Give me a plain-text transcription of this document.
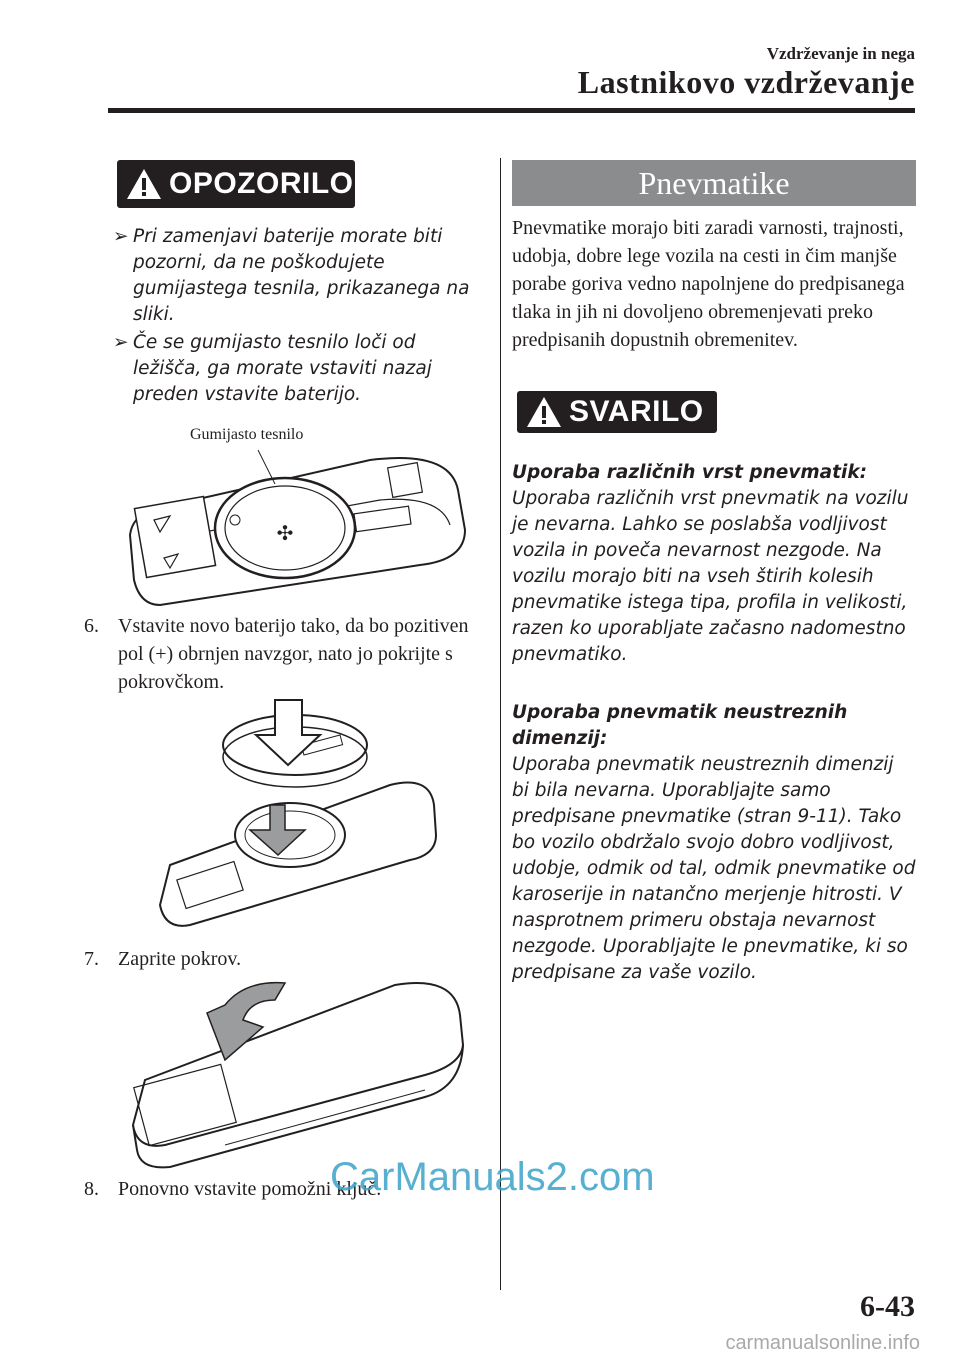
Vzdrževanje in nega
Lastnikovo vzdrževanje
OPOZORILO
➢ Pri zamenjavi baterije morate biti pozorni, da ne poškodujete gumijastega tesnila, prikazanega na sliki.
➢ Če se gumijasto tesnilo loči od ležišča, ga morate vstaviti nazaj preden vstavite baterijo.
Gumijasto tesnilo
✣
6. Vstavite novo baterijo tako, da bo pozitiven pol (+) obrnjen navzgor, nato jo pokrijte s pokrovčkom.
7. Zaprite pokrov.
8. Ponovno vstavite pomožni ključ.
Pnevmatike
Pnevmatike morajo biti zaradi varnosti, trajnosti, udobja, dobre lege vozila na cesti in čim manjše porabe goriva vedno napolnjene do predpisanega tlaka in jih ni dovoljeno obremenjevati preko predpisanih dopustnih obremenitev.
SVARILO
Uporaba različnih vrst pnevmatik:
Uporaba različnih vrst pnevmatik na vozilu je nevarna. Lahko se poslabša vodljivost vozila in poveča nevarnost nezgode. Na vozilu morajo biti na vseh štirih kolesih pnevmatike istega tipa, profila in velikosti, razen ko uporabljate začasno nadomestno pnevmatiko.
Uporaba pnevmatik neustreznih dimenzij:
Uporaba pnevmatik neustreznih dimenzij bi bila nevarna. Uporabljajte samo predpisane pnevmatike (stran 9-11). Tako bo vozilo obdržalo svojo dobro vodljivost, udobje, odmik od tal, odmik pnevmatike od karoserije in natančno merjenje hitrosti. V nasprotnem primeru obstaja nevarnost nezgode. Uporabljajte le pnevmatike, ki so predpisane za vaše vozilo.
6-43
CarManuals2.com
carmanualsonline.info
